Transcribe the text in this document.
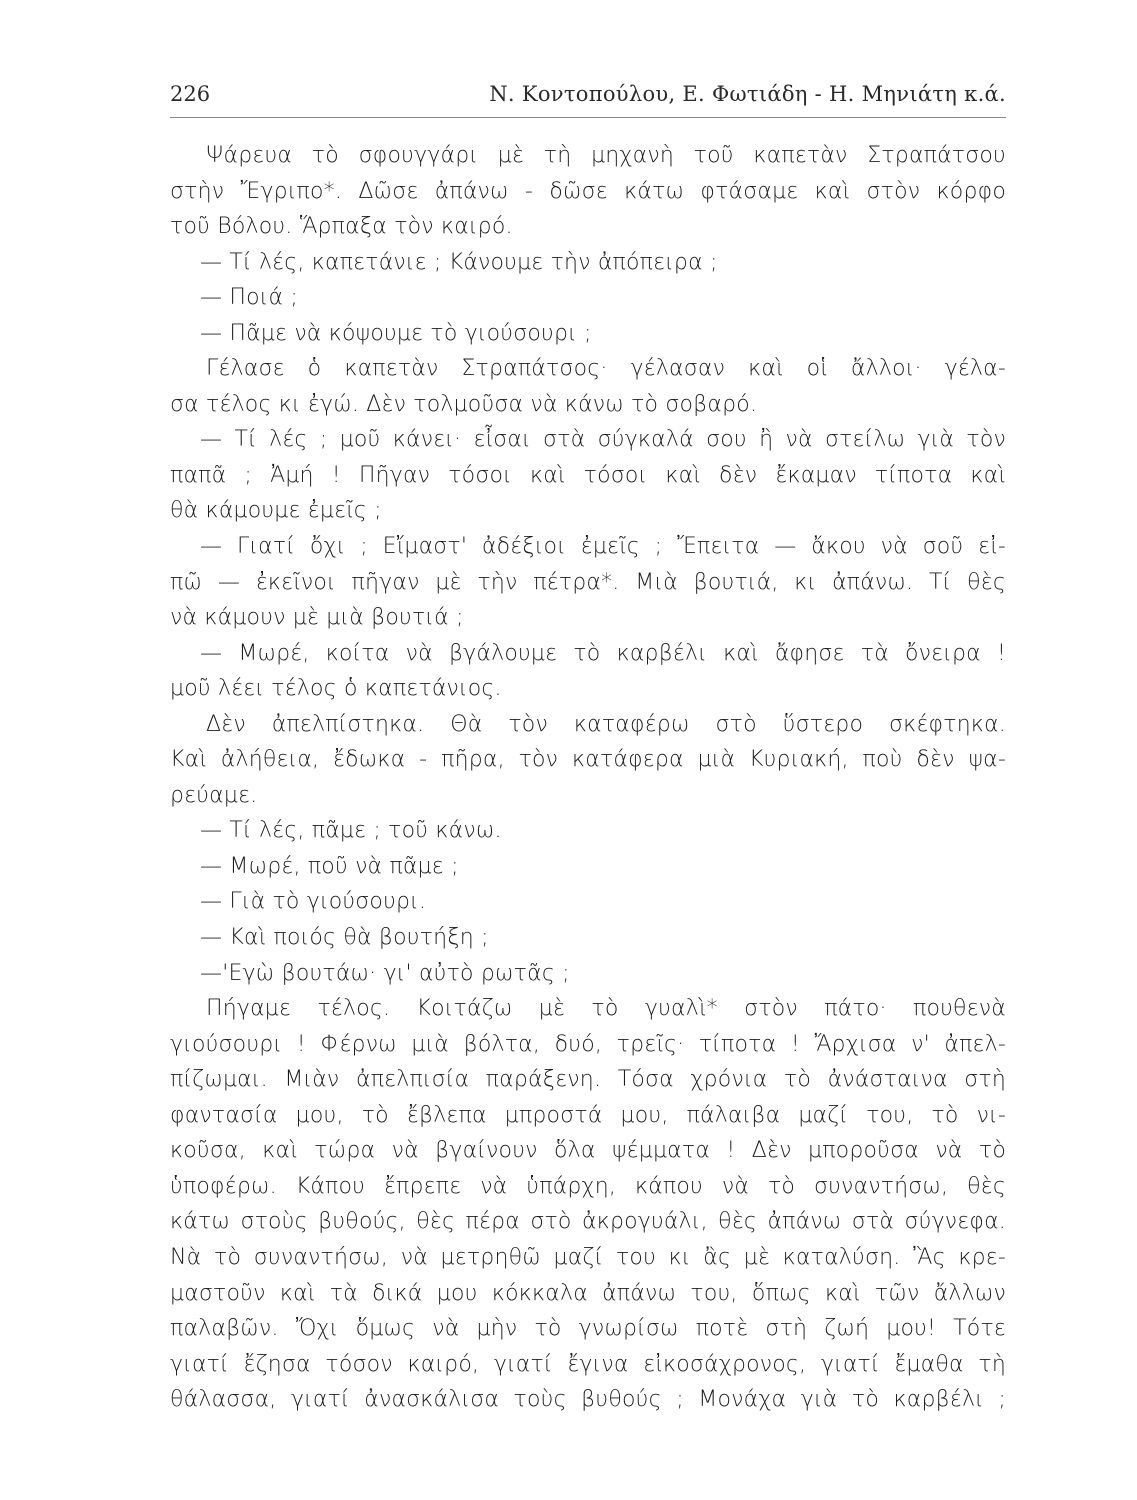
226	Ν. Κοντοπούλου, Ε. Φωτιάδη - Η. Μηνιάτη κ.ά.
Ψάρευα τὸ σφουγγάρι μὲ τὴ μηχανὴ τοῦ καπετὰν Στραπάτσου
στὴν Ἔγριπο*. Δῶσε ἀπάνω - δῶσε κάτω φτάσαμε καὶ στὸν κόρφο
τοῦ Βόλου. Ἅρπαξα τὸν καιρό.
— Τί λές, καπετάνιε ; Κάνουμε τὴν ἀπόπειρα ;
— Ποιά ;
— Πᾶμε νὰ κόψουμε τὸ γιούσουρι ;
Γέλασε ὁ καπετὰν Στραπάτσος· γέλασαν καὶ οἱ ἄλλοι· γέλα-
σα τέλος κι ἐγώ. Δὲν τολμοῦσα νὰ κάνω τὸ σοβαρό.
— Τί λές ; μοῦ κάνει· εἶσαι στὰ σύγκαλά σου ἢ νὰ στείλω γιὰ τὸν
παπᾶ ; Ἀμή ! Πῆγαν τόσοι καὶ τόσοι καὶ δὲν ἔκαμαν τίποτα καὶ
θὰ κάμουμε ἐμεῖς ;
— Γιατί ὄχι ; Εἴμαστ' ἀδέξιοι ἐμεῖς ; Ἔπειτα — ἄκου νὰ σοῦ εἰ-
πῶ — ἐκεῖνοι πῆγαν μὲ τὴν πέτρα*. Μιὰ βουτιά, κι ἀπάνω. Τί θὲς
νὰ κάμουν μὲ μιὰ βουτιά ;
— Μωρέ, κοίτα νὰ βγάλουμε τὸ καρβέλι καὶ ἄφησε τὰ ὄνειρα !
μοῦ λέει τέλος ὁ καπετάνιος.
Δὲν ἀπελπίστηκα. Θὰ τὸν καταφέρω στὸ ὕστερο σκέφτηκα.
Καὶ ἀλήθεια, ἔδωκα - πῆρα, τὸν κατάφερα μιὰ Κυριακή, ποὺ δὲν ψα-
ρεύαμε.
— Τί λές, πᾶμε ; τοῦ κάνω.
— Μωρέ, ποῦ νὰ πᾶμε ;
— Γιὰ τὸ γιούσουρι.
— Καὶ ποιός θὰ βουτήξη ;
—'Εγὼ βουτάω· γι' αὐτὸ ρωτᾶς ;
Πήγαμε τέλος. Κοιτάζω μὲ τὸ γυαλὶ* στὸν πάτο· πουθενὰ
γιούσουρι ! Φέρνω μιὰ βόλτα, δυό, τρεῖς· τίποτα ! Ἄρχισα ν' ἀπελ-
πίζωμαι. Μιὰν ἀπελπισία παράξενη. Τόσα χρόνια τὸ ἀνάσταινα στὴ
φαντασία μου, τὸ ἔβλεπα μπροστά μου, πάλαιβα μαζί του, τὸ νι-
κοῦσα, καὶ τώρα νὰ βγαίνουν ὅλα ψέμματα ! Δὲν μποροῦσα νὰ τὸ
ὑποφέρω. Κάπου ἔπρεπε νὰ ὑπάρχη, κάπου νὰ τὸ συναντήσω, θὲς
κάτω στοὺς βυθούς, θὲς πέρα στὸ ἀκρογυάλι, θὲς ἀπάνω στὰ σύγνεφα.
Νὰ τὸ συναντήσω, νὰ μετρηθῶ μαζί του κι ἂς μὲ καταλύση. Ἂς κρε-
μαστοῦν καὶ τὰ δικά μου κόκκαλα ἀπάνω του, ὅπως καὶ τῶν ἄλλων
παλαβῶν. Ὄχι ὅμως νὰ μὴν τὸ γνωρίσω ποτὲ στὴ ζωή μου! Τότε
γιατί ἔζησα τόσον καιρό, γιατί ἔγινα εἰκοσάχρονος, γιατί ἔμαθα τὴ
θάλασσα, γιατί ἀνασκάλισα τοὺς βυθούς ; Μονάχα γιὰ τὸ καρβέλι ;
